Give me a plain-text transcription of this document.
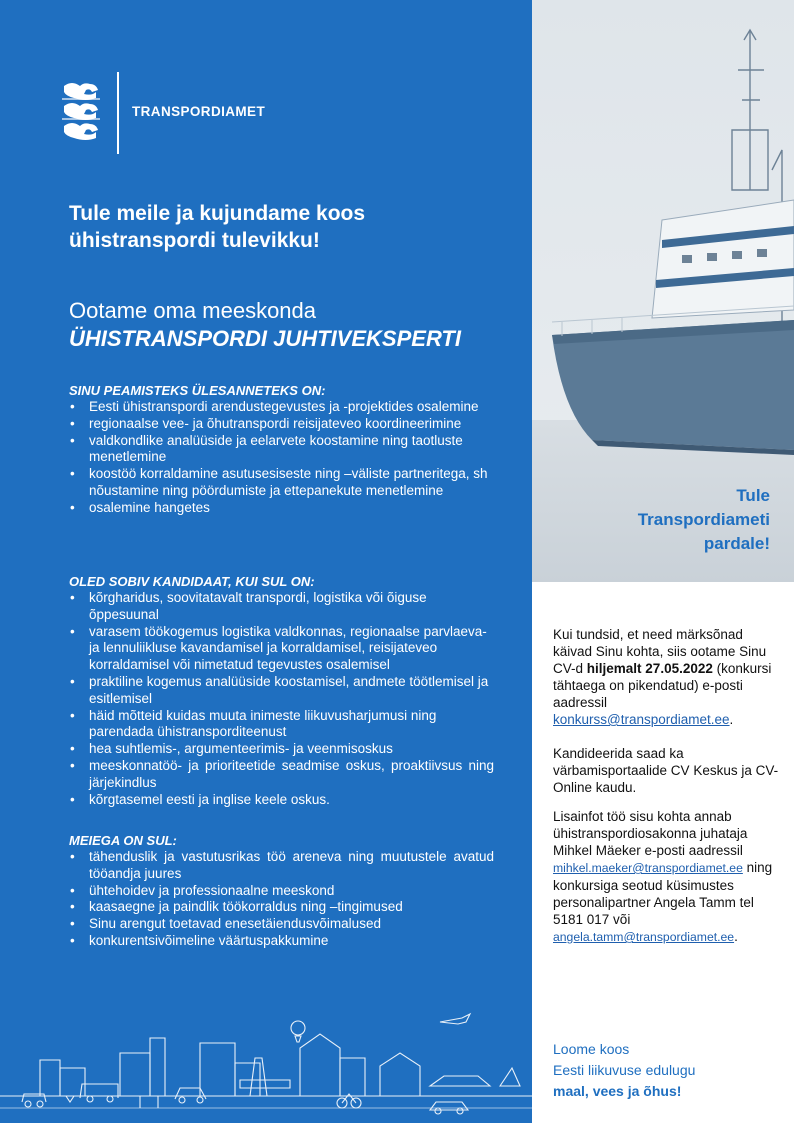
TRANSPORDIAMET
Tule meile ja kujundame koos ühistranspordi tulevikku!
Ootame oma meeskonda
ÜHISTRANSPORDI JUHTIVEKSPERTI
SINU PEAMISTEKS ÜLESANNETEKS ON:
• Eesti ühistranspordi arendustegevustes ja -projektides osalemine
• regionaalse vee- ja õhutranspordi reisijateveo koordineerimine
• valdkondlike analüüside ja eelarvete koostamine ning taotluste menetlemine
• koostöö korraldamine asutusesiseste ning –väliste partneritega, sh nõustamine ning pöördumiste ja ettepanekute menetlemine
• osalemine hangetes
OLED SOBIV KANDIDAAT, KUI SUL ON:
• kõrgharidus, soovitatavalt transpordi, logistika või õiguse õppesuunal
• varasem töökogemus logistika valdkonnas, regionaalse parvlaeva- ja lennuliikluse kavandamisel ja korraldamisel, reisijateveo korraldamisel või nimetatud tegevustes osalemisel
• praktiline kogemus analüüside koostamisel, andmete töötlemisel ja esitlemisel
• häid mõtteid kuidas muuta inimeste liikuvusharjumusi ning parendada ühistransporditeenust
• hea suhtlemis-, argumenteerimis- ja veenmisoskus
• meeskonnatöö- ja prioriteetide seadmise oskus, proaktiivsus ning järjekindlus
• kõrgtasemel eesti ja inglise keele oskus.
MEIEGA ON SUL:
• tähenduslik ja vastutusrikas töö areneva ning muutustele avatud tööandja juures
• ühtehoidev ja professionaalne meeskond
• kaasaegne ja paindlik töökorraldus ning –tingimused
• Sinu arengut toetavad enesetäiendusvõimalused
• konkurentsivõimeline väärtuspakkumine
Tule
Transpordiameti
pardale!
Kui tundsid, et need märksõnad käivad Sinu kohta, siis ootame Sinu CV-d hiljemalt 27.05.2022 (konkursi tähtaega on pikendatud) e-posti aadressil konkurss@transpordiamet.ee.
Kandideerida saad ka värbamisportaalide CV Keskus ja CV-Online kaudu.
Lisainfot töö sisu kohta annab ühistranspordiosakonna juhataja Mihkel Mäeker e-posti aadressil mihkel.maeker@transpordiamet.ee ning konkursiga seotud küsimustes personalipartner Angela Tamm tel 5181 017 või angela.tamm@transpordiamet.ee.
Loome koos
Eesti liikuvuse edulugu
maal, vees ja õhus!
